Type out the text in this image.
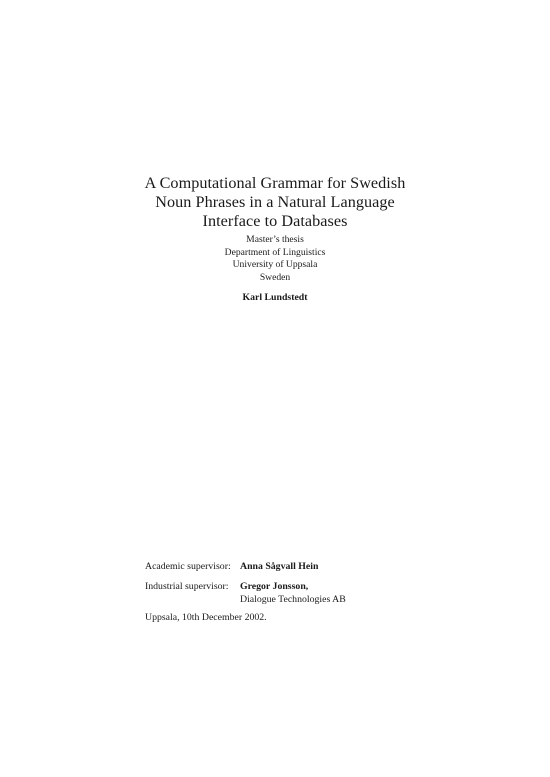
A Computational Grammar for Swedish
Noun Phrases in a Natural Language
Interface to Databases
Master’s thesis
Department of Linguistics
University of Uppsala
Sweden
Karl Lundstedt
Academic supervisor: Anna Sågvall Hein
Industrial supervisor: Gregor Jonsson,
Dialogue Technologies AB
Uppsala, 10th December 2002.
